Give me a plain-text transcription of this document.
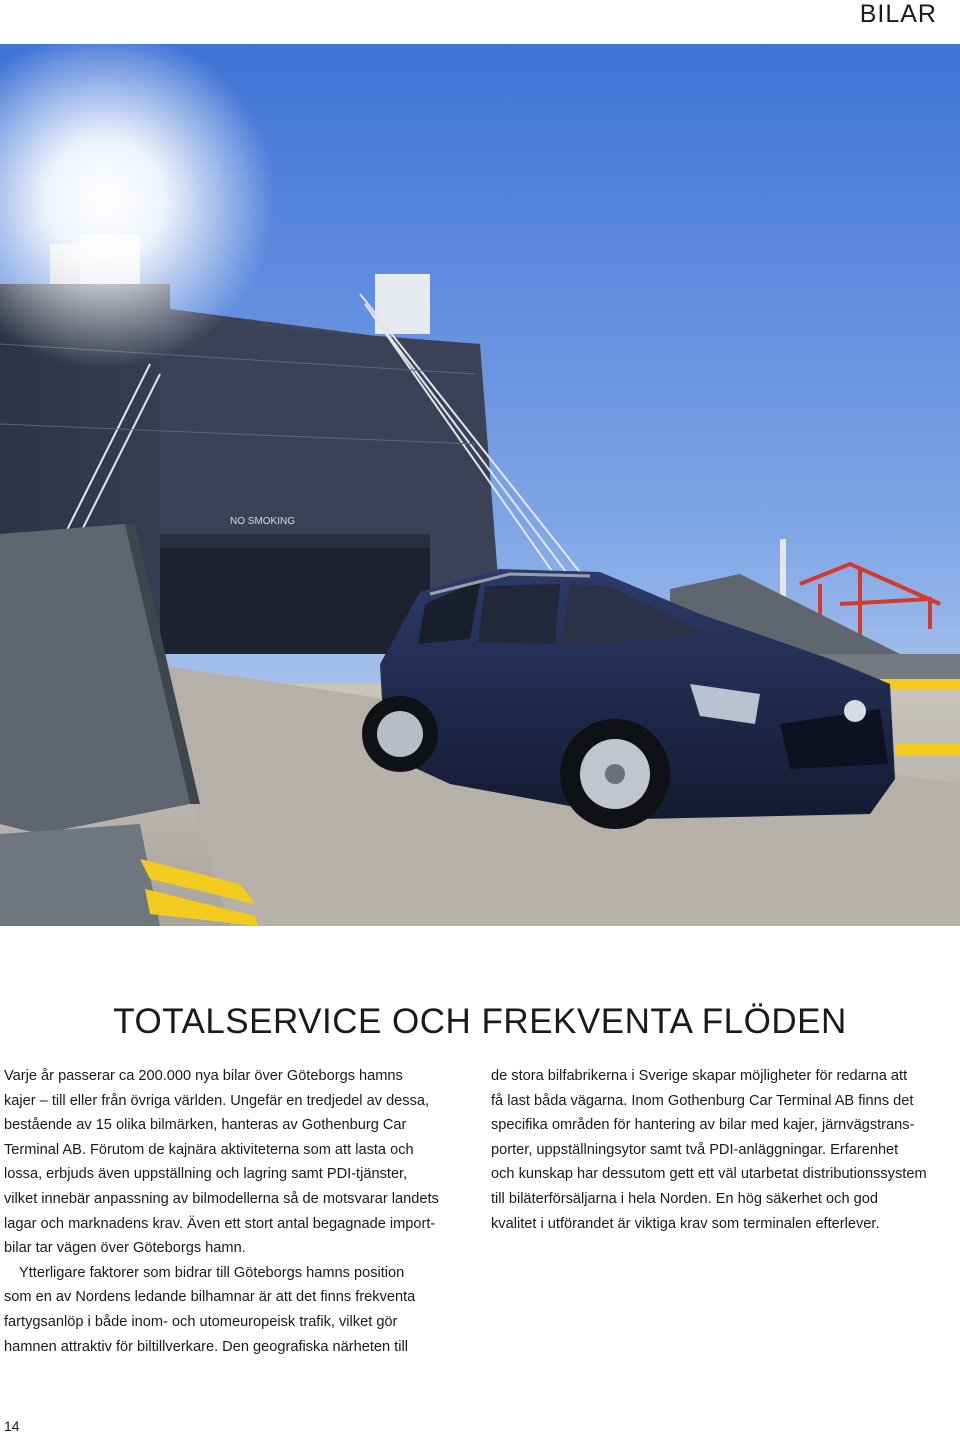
BILAR
NO SMOKING
TOTALSERVICE OCH FREKVENTA FLÖDEN

Varje år passerar ca 200.000 nya bilar över Göteborgs hamns
kajer – till eller från övriga världen. Ungefär en tredjedel av dessa,
bestående av 15 olika bilmärken, hanteras av Gothenburg Car
Terminal AB. Förutom de kajnära aktiviteterna som att lasta och
lossa, erbjuds även uppställning och lagring samt PDI-tjänster,
vilket innebär anpassning av bilmodellerna så de motsvarar landets
lagar och marknadens krav. Även ett stort antal begagnade import-
bilar tar vägen över Göteborgs hamn.

Ytterligare faktorer som bidrar till Göteborgs hamns position
som en av Nordens ledande bilhamnar är att det finns frekventa
fartygsanlöp i både inom- och utomeuropeisk trafik, vilket gör
hamnen attraktiv för biltillverkare. Den geografiska närheten till

de stora bilfabrikerna i Sverige skapar möjligheter för redarna att
få last båda vägarna. Inom Gothenburg Car Terminal AB finns det
specifika områden för hantering av bilar med kajer, järnvägstrans-
porter, uppställningsytor samt två PDI-anläggningar. Erfarenhet
och kunskap har dessutom gett ett väl utarbetat distributionssystem
till biläterförsäljarna i hela Norden. En hög säkerhet och god
kvalitet i utförandet är viktiga krav som terminalen efterlever.

14
